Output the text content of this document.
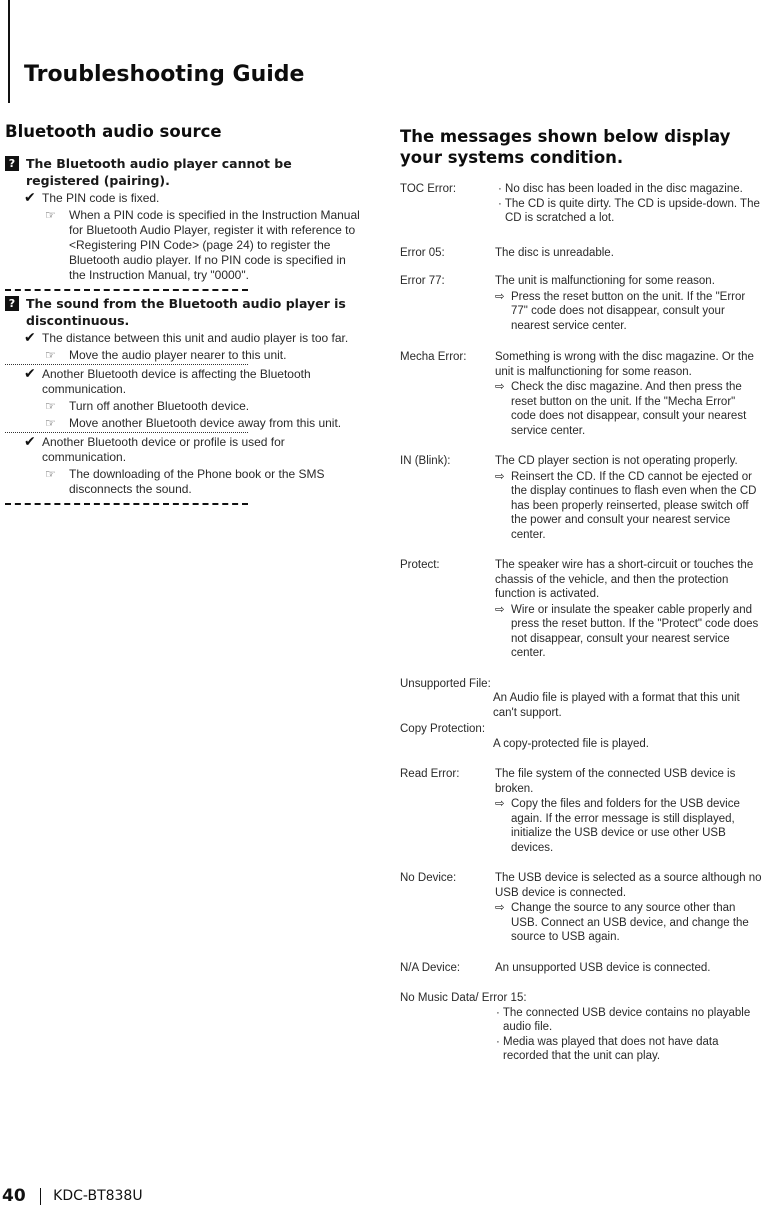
Troubleshooting Guide
Bluetooth audio source
? The Bluetooth audio player cannot be registered (pairing).
✔ The PIN code is fixed.
☞	When a PIN code is specified in the Instruction Manual for Bluetooth Audio Player, register it with reference to <Registering PIN Code> (page 24) to register the Bluetooth audio player. If no PIN code is specified in the Instruction Manual, try "0000".
? The sound from the Bluetooth audio player is discontinuous.
✔ The distance between this unit and audio player is too far.
☞	Move the audio player nearer to this unit.
✔ Another Bluetooth device is affecting the Bluetooth communication.
☞	Turn off another Bluetooth device.
☞	Move another Bluetooth device away from this unit.
✔ Another Bluetooth device or profile is used for communication.
☞	The downloading of the Phone book or the SMS disconnects the sound.
The messages shown below display your systems condition.
TOC Error:	· No disc has been loaded in the disc magazine.
· The CD is quite dirty. The CD is upside-down. The CD is scratched a lot.
Error 05:	The disc is unreadable.
Error 77:	The unit is malfunctioning for some reason.
⇨ Press the reset button on the unit. If the "Error 77" code does not disappear, consult your nearest service center.
Mecha Error:	Something is wrong with the disc magazine. Or the unit is malfunctioning for some reason.
⇨ Check the disc magazine. And then press the reset button on the unit. If the "Mecha Error" code does not disappear, consult your nearest service center.
IN (Blink):	The CD player section is not operating properly.
⇨ Reinsert the CD. If the CD cannot be ejected or the display continues to flash even when the CD has been properly reinserted, please switch off the power and consult your nearest service center.
Protect:	The speaker wire has a short-circuit or touches the chassis of the vehicle, and then the protection function is activated.
⇨ Wire or insulate the speaker cable properly and press the reset button. If the "Protect" code does not disappear, consult your nearest service center.
Unsupported File:
An Audio file is played with a format that this unit can't support.
Copy Protection:
A copy-protected file is played.
Read Error:	The file system of the connected USB device is broken.
⇨ Copy the files and folders for the USB device again. If the error message is still displayed, initialize the USB device or use other USB devices.
No Device:	The USB device is selected as a source although no USB device is connected.
⇨ Change the source to any source other than USB. Connect an USB device, and change the source to USB again.
N/A Device:	An unsupported USB device is connected.
No Music Data/ Error 15:
· The connected USB device contains no playable audio file.
· Media was played that does not have data recorded that the unit can play.
40 KDC-BT838U
